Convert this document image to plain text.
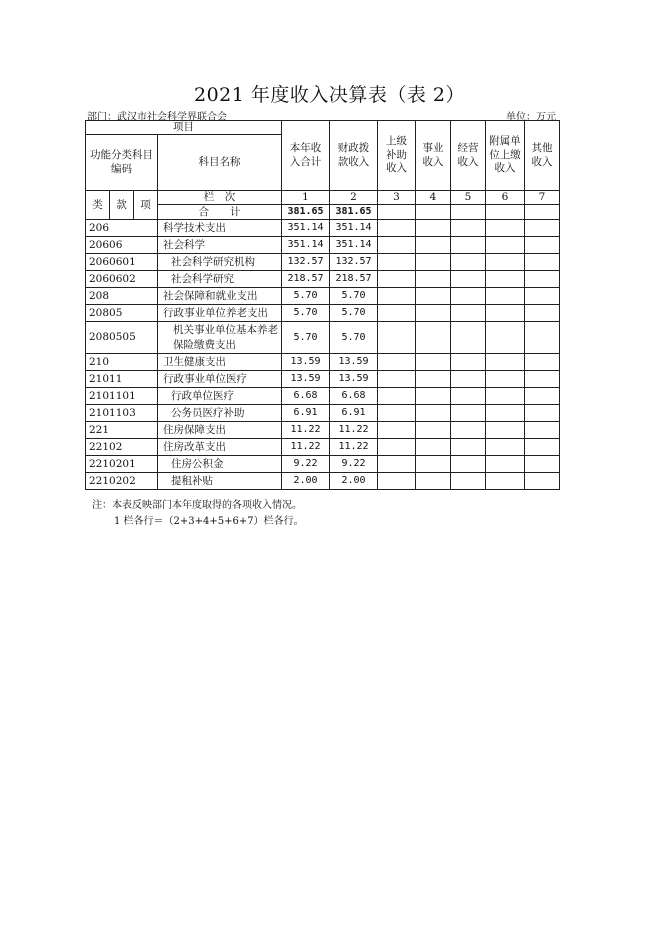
2021 年度收入决算表（表 2）
部门：武汉市社会科学界联合会	单位：万元
项目				本年收入合计	财政拨款收入	上级补助收入	事业收入	经营收入	附属单位上缴收入	其他收入
功能分类科目编码			科目名称							

类	款	项	栏　次	1	2	3	4	5	6	7
			合　　计	381.65	381.65					
206			科学技术支出	351.14	351.14					
20606			社会科学	351.14	351.14					
2060601			社会科学研究机构	132.57	132.57					
2060602			社会科学研究	218.57	218.57					
208			社会保障和就业支出	5.70	5.70					
20805			行政事业单位养老支出	5.70	5.70					
2080505			机关事业单位基本养老保险缴费支出	5.70	5.70					
210			卫生健康支出	13.59	13.59					
21011			行政事业单位医疗	13.59	13.59					
2101101			行政单位医疗	6.68	6.68					
2101103			公务员医疗补助	6.91	6.91					
221			住房保障支出	11.22	11.22					
22102			住房改革支出	11.22	11.22					
2210201			住房公积金	9.22	9.22					
2210202			提租补贴	2.00	2.00					
注：本表反映部门本年度取得的各项收入情况。
1 栏各行＝（2+3+4+5+6+7）栏各行。
